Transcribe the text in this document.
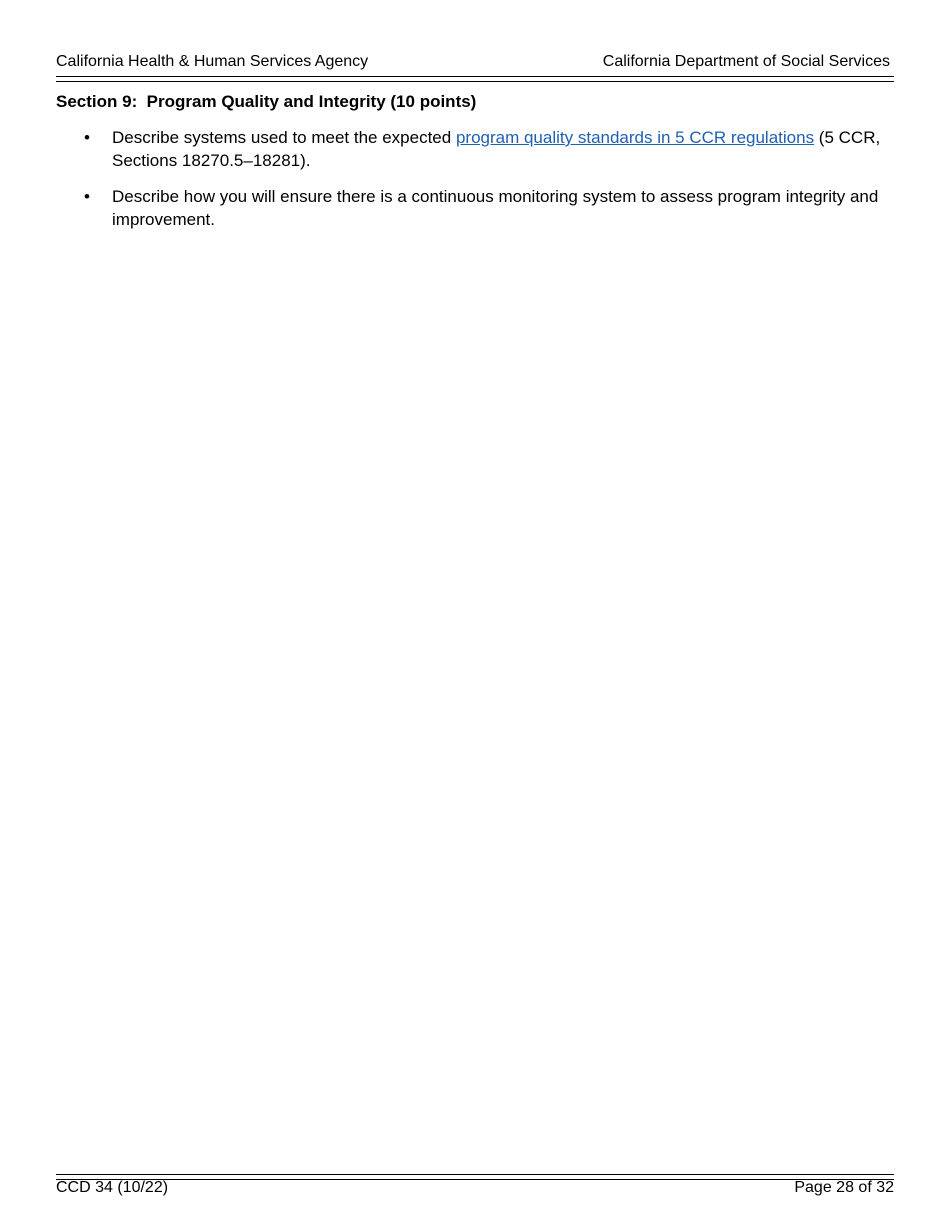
California Health & Human Services Agency	California Department of Social Services
Section 9:  Program Quality and Integrity (10 points)
• Describe systems used to meet the expected program quality standards in 5 CCR regulations (5 CCR, Sections 18270.5–18281).
• Describe how you will ensure there is a continuous monitoring system to assess program integrity and improvement.
CCD 34 (10/22)	Page 28 of 32
